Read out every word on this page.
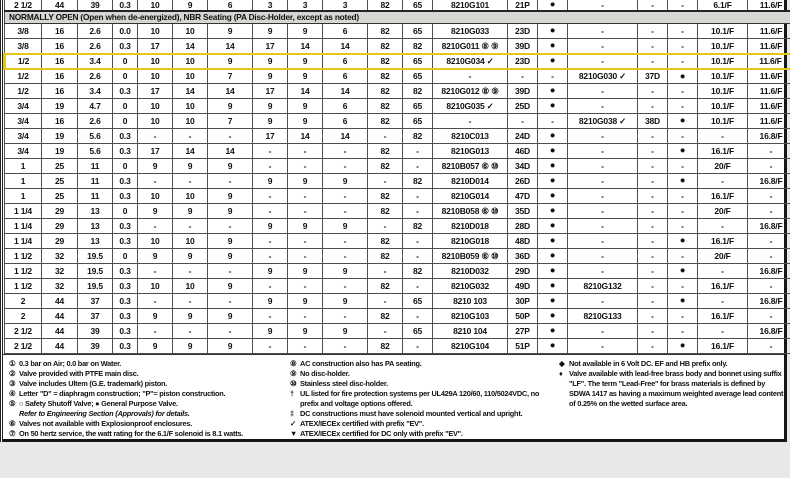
2 1/2	44	39	0.3	10	9	6	3	3	3	82	65	8210G101	21P	●	-	-	-	6.1/F	11.6/F
NORMALLY OPEN (Open when de-energized), NBR Seating (PA Disc-Holder, except as noted)																			
3/8	16	2.6	0.0	10	10	9	9	9	6	82	65	8210G033	23D	●	-	-	-	10.1/F	11.6/F
3/8	16	2.6	0.3	17	14	14	17	14	14	82	82	8210G011 ⑧ ⑨	39D	●	-	-	-	10.1/F	11.6/F
1/2	16	3.4	0	10	10	9	9	9	6	82	65	8210G034 ✓	23D	●	-	-	-	10.1/F	11.6/F
1/2	16	2.6	0	10	10	7	9	9	6	82	65	-	-	-	8210G030 ✓	37D	●	10.1/F	11.6/F
1/2	16	3.4	0.3	17	14	14	17	14	14	82	82	8210G012 ⑧ ⑨	39D	●	-	-	-	10.1/F	11.6/F
3/4	19	4.7	0	10	10	9	9	9	6	82	65	8210G035 ✓	25D	●	-	-	-	10.1/F	11.6/F
3/4	16	2.6	0	10	10	7	9	9	6	82	65	-	-	-	8210G038 ✓	38D	●	10.1/F	11.6/F
3/4	19	5.6	0.3	-	-	-	17	14	14	-	82	8210C013	24D	●	-	-	-	-	16.8/F
3/4	19	5.6	0.3	17	14	14	-	-	-	82	-	8210G013	46D	●	-	-	●	16.1/F	-
1	25	11	0	9	9	9	-	-	-	82	-	8210B057 ⑥ ⑩	34D	●	-	-	-	20/F	-
1	25	11	0.3	-	-	-	9	9	9	-	82	8210D014	26D	●	-	-	●	-	16.8/F
1	25	11	0.3	10	10	9	-	-	-	82	-	8210G014	47D	●	-	-	-	16.1/F	-
1 1/4	29	13	0	9	9	9	-	-	-	82	-	8210B058 ⑥ ⑩	35D	●	-	-	-	20/F	-
1 1/4	29	13	0.3	-	-	-	9	9	9	-	82	8210D018	28D	●	-	-	-	-	16.8/F
1 1/4	29	13	0.3	10	10	9	-	-	-	82	-	8210G018	48D	●	-	-	●	16.1/F	-
1 1/2	32	19.5	0	9	9	9	-	-	-	82	-	8210B059 ⑥ ⑩	36D	●	-	-	-	20/F	-
1 1/2	32	19.5	0.3	-	-	-	9	9	9	-	82	8210D032	29D	●	-	-	●	-	16.8/F
1 1/2	32	19.5	0.3	10	10	9	-	-	-	82	-	8210G032	49D	●	8210G132	-	-	16.1/F	-
2	44	37	0.3	-	-	-	9	9	9	-	65	8210 103	30P	●	-	-	●	-	16.8/F
2	44	37	0.3	9	9	9	-	-	-	82	-	8210G103	50P	●	8210G133	-	-	16.1/F	-
2 1/2	44	39	0.3	-	-	-	9	9	9	-	65	8210 104	27P	●	-	-	-	-	16.8/F
2 1/2	44	39	0.3	9	9	9	-	-	-	82	-	8210G104	51P	●	-	-	●	16.1/F	-
① 0.3 bar on Air; 0.0 bar on Water.
② Valve provided with PTFE main disc.
③ Valve includes Ultem (G.E. trademark) piston.
④ Letter "D" = diaphragm construction; "P"= piston construction.
⑤ ○ Safety Shutoff Valve; ● General Purpose Valve.
Refer to Engineering Section (Approvals) for details.
⑥ Valves not available with Explosionproof enclosures.
⑦ On 50 hertz service, the watt rating for the 6.1/F solenoid is 8.1 watts.
⑧ AC construction also has PA seating.
⑨ No disc-holder.
⑩ Stainless steel disc-holder.
† UL listed for fire protection systems per UL429A 120/60, 110/5024VDC, no prefix and voltage options offered.
‡ DC constructions must have solenoid mounted vertical and upright.
✓ ATEX/IECEx certified with prefix "EV".
▼ ATEX/IECEx certified for DC only with prefix "EV".
◆ Not available in 6 Volt DC. EF and HB prefix only.
♦ Valve available with lead-free brass body and bonnet using suffix "LF". The term "Lead-Free" for brass materials is defined by SDWA 1417 as having a maximum weighted average lead content of 0.25% on the wetted surface area.
